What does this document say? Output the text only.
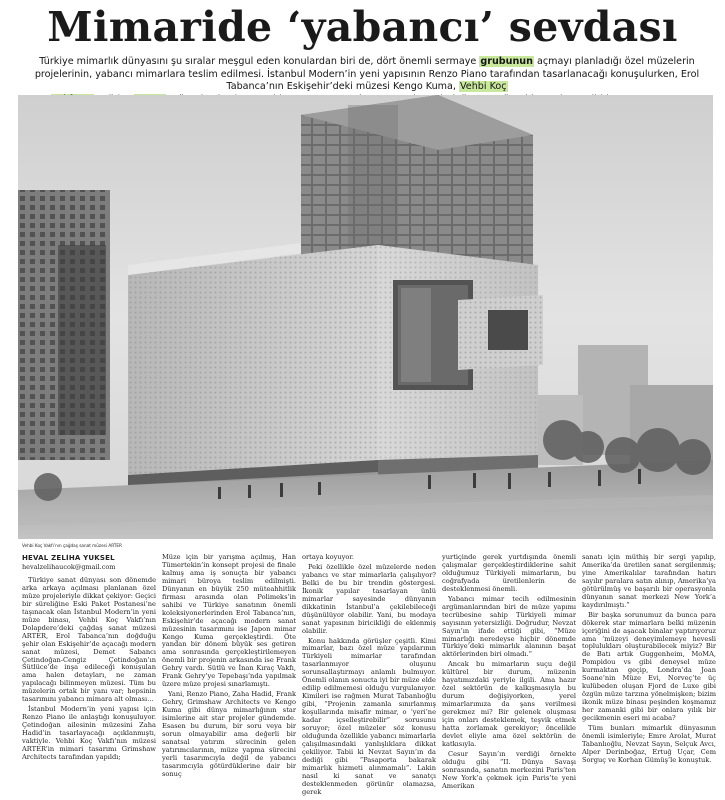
Mimaride ‘yabancı’ sevdası
Türkiye mimarlık dünyasını şu sıralar meşgul eden konulardan biri de, dört önemli sermaye grubunun açmayı planladığı özel müzelerin projelerinin, yabancı mimarlara teslim edilmesi. İstanbul Modern’in yeni yapısının Renzo Piano tarafından tasarlanacağı konuşulurken, Erol Tabanca’nın Eskişehir’deki müzesi Kengo Kuma, Vehbi Koç

Vehbi Koç Vakfı’nın çağdaş sanat müzesi ARTER
HEVAL ZELİHA YÜKSEL
hevalzelihaucok@gmail.com

Türkiye sanat dünyası son dönemde arka arkaya açılması planlanan özel müze projeleriyle dikkat çekiyor: Geçici bir süreliğine Eski Paket Postanesi’ne taşınacak olan İstanbul Modern’in yeni müze binası, Vehbi Koç Vakfı’nın Dolapdere’deki çağdaş sanat müzesi ARTER, Erol Tabanca’nın doğduğu şehir olan Eskişehir’de açacağı modern sanat müzesi, Demet Sabancı Çetindoğan-Cengiz Çetindoğan’ın Sütlüce’de inşa edileceği konuşulan ama halen detayları, ne zaman yapılacağı bilinmeyen müzesi. Tüm bu müzelerin ortak bir yanı var; hepsinin tasarımını yabancı mimara alt olması…

İstanbul Modern’in yeni yapısı için Renzo Piano ile anlaştığı konuşuluyor. Çetindoğan ailesinin müzesini Zaha Hadid’in tasarlayacağı açıklanmıştı, vaktiyle. Vehbi Koç Vakfı’nın müzesi ARTER’in mimari tasarımı Grimshaw Architects tarafından yapıldı;

Müze için bir yarışma açılmış, Han Tümertekin’in konsept projesi de finale kalmış ama iş sonuçta bir yabancı mimari büroya teslim edilmişti. Dünyanın en büyük 250 müteahhitlik firması arasında olan Polimeks’in sahibi ve Türkiye sanatının önemli koleksiyonerlerinden Erol Tabanca’nın, Eskişehir’de açacağı modern sanat müzesinin tasarımını ise Japon mimar Kengo Kuma gerçekleştirdi. Öte yandan bir dönem büyük ses getiren ama sonrasında gerçekleştirilemeyen önemli bir projenin arkasında ise Frank Gehry vardı. Sütlü ve İnan Kıraç Vakfı, Frank Gehry’ye Tepebaşı’nda yapılmak üzere müze projesi sınarlamıştı.

Yani, Renzo Piano, Zaha Hadid, Frank Gehry, Grimshaw Architects ve Kengo Kuma gibi dünya mimarlığının star isimlerine ait star projeler gündemde. Esasen bu durum, bir soru veya bir sorun olmayabilir ama değerli bir sanatsal yatırım sürecinin gelen yatırımcılarının, müze yapma sürecini yerli tasarımcıyla değil de yabancı tasarımcıyla götürdüklerine dair bir sonuç

ortaya koyuyor.

Peki özellikle özel müzelerde neden yabancı ve star mimarlarla çalışılıyor? Belki de bu bir trendin göstergesi. İkonik yapılar tasarlayan ünlü mimarlar sayesinde dünyanın dikkatinin İstanbul’a çekilebileceği düşünülüyor olabilir. Yani, bu modaya sanat yapısının biricikliği de eklenmiş olabilir.

Konu hakkında görüşler çeşitli. Kimi mimarlar, bazı özel müze yapılarının Türkiyeli mimarlar tarafından tasarlanmıyor oluşunu sorunsallaştırmayı anlamlı bulmuyor. Önemli olanın sonucta iyi bir müze elde edilip edilmemesi olduğu vurgulanıyor. Kimileri ise rağmen Murat Tabanlıoğlu gibi, “Projenin zamanla sınırlanmış koşullarında misafir mimar, o ‘yeri’ne kadar içselleştirebilir” sorusunu soruyor; özel müzeler söz konusu olduğunda özellikle yabancı mimarlarla çalışılmasındaki yanlışlıklara dikkat çekiliyor. Tabii ki Nevzat Sayın’ın da dediği gibi “Pasaporta bakarak mimarlık hizmeti alınmamalı”. Lakin nasıl ki sanat ve sanatçı desteklenmeden görünür olamazsa, gerek

yurtiçinde gerek yurtdışında önemli çalışmalar gerçekleştirdiklerine sahit olduğumuz Türkiyeli mimarların, bu coğrafyada üretilenlerin de desteklenmesi önemli.

Yabancı mimar tecih edilmesinin argümanlarından biri de müze yapımı tecrübesine sahip Türkiyeli mimar sayısının yetersizliği. Doğrudur, Nevzat Sayın’ın ifade ettiği gibi, “Müze mimarlığı neredeyse hiçbir dönemde Türkiye’deki mimarlık alanının başat aktörlerinden biri olmadı.”

Ancak bu mimarların suçu değil kültürel bir durum, müzenin hayatımızdaki yeriyle ilgili. Ama hazır özel sektörün de kalkışmasıyla bu durum değişiyorken, yerel mimarlarımıza da şans verilmesi gerekmez mi? Bir gelenek oluşması için onları desteklemek, teşvik etmek hatta zorlamak gerekiyor; öncelikle devlet eliyle ama özel sektörün de katkısıyla.

Cesur Sayın’ın verdiği örnekte olduğu gibi “II. Dünya Savaşı sonrasında, sanatın merkezini Paris’ten New York’a çekmek için Paris’te yeni Amerikan

sanatı için müthiş bir sergi yapılıp, Amerika’da üretilen sanat sergilenmiş; yine Amerikalılar tarafından hatırı sayılır paralara satın alınıp, Amerika’ya götürülmüş ve başarılı bir operasyonla dünyanın sanat merkezi New York’a kaydırılmıştı.”

Bir başka sorunumuz da bunca para dökerek star mimarlara belki müzenin içeriğini de aşacak binalar yaptırıyoruz ama ‘müzeyi deneyimlemeye hevesli toplulukları oluşturabilecek miyiz? Bir de Batı artık Guggenheim, MoMA, Pompidou vs gibi deneysel müze kurmaktan geçip, Londra’da Joan Soane’nin Müze Evi, Norveç’te üç kulübeden oluşan Fjord de Luxe gibi özgün müze tarzına yönelmişken; bizim ikonik müze binası peşinden koşmamız her zamanki gibi bir onlara yılık bir gecikmenin eseri mi acaba?

Tüm bunları mimarlık dünyasının önemli isimleriyle; Emre Arolat, Murat Tabanlıoğlu, Nevzat Sayın, Selçuk Avcı, Alper Derinboğaz, Ertuğ Uçar, Cem Sorguç ve Korhan Gümüş’le konuştuk.
